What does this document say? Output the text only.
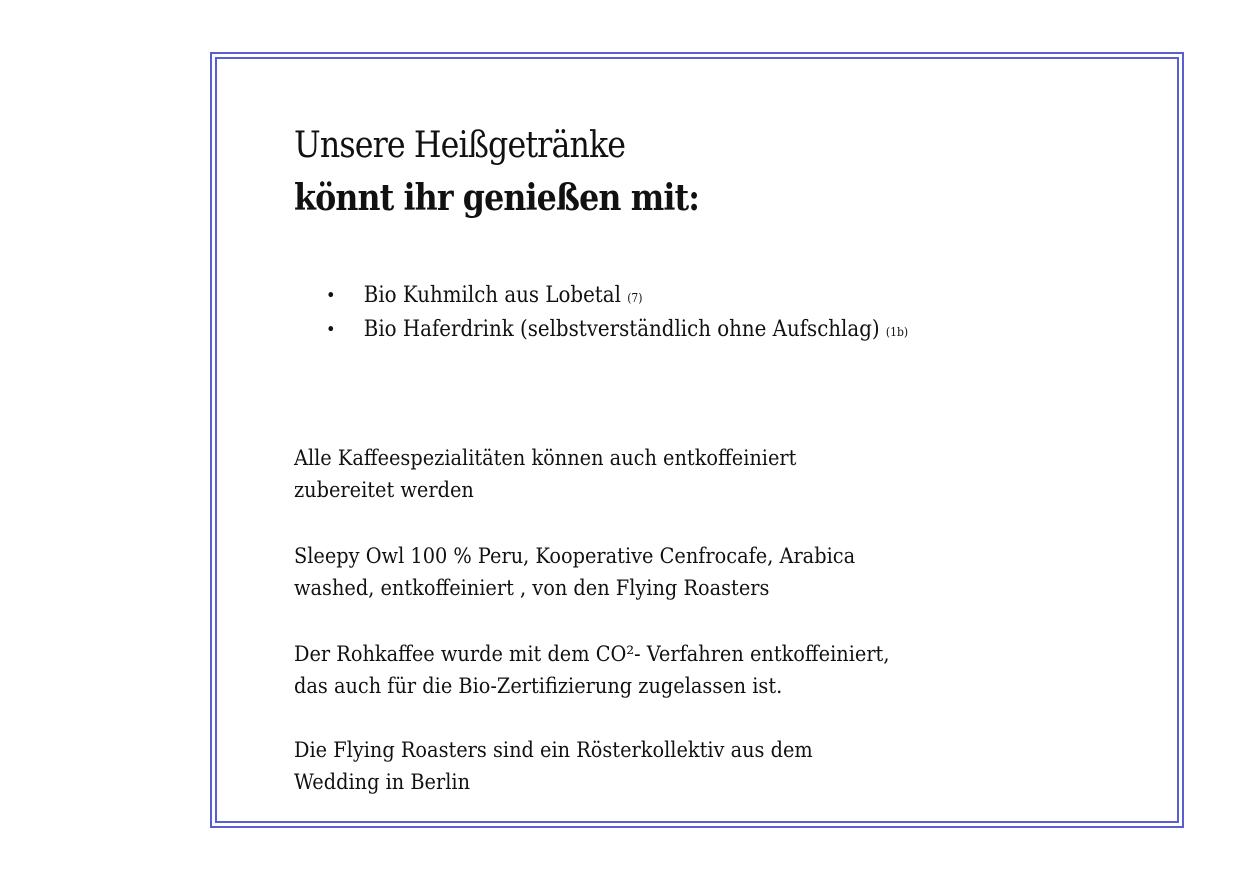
Unsere Heißgetränke
könnt ihr genießen mit:
• Bio Kuhmilch aus Lobetal (7)
• Bio Haferdrink (selbstverständlich ohne Aufschlag) (1b)

Alle Kaffeespezialitäten können auch entkoffeiniert
zubereitet werden

Sleepy Owl 100 % Peru, Kooperative Cenfrocafe, Arabica
washed, entkoffeiniert , von den Flying Roasters

Der Rohkaffee wurde mit dem CO²- Verfahren entkoffeiniert,
das auch für die Bio-Zertifizierung zugelassen ist.

Die Flying Roasters sind ein Rösterkollektiv aus dem
Wedding in Berlin
